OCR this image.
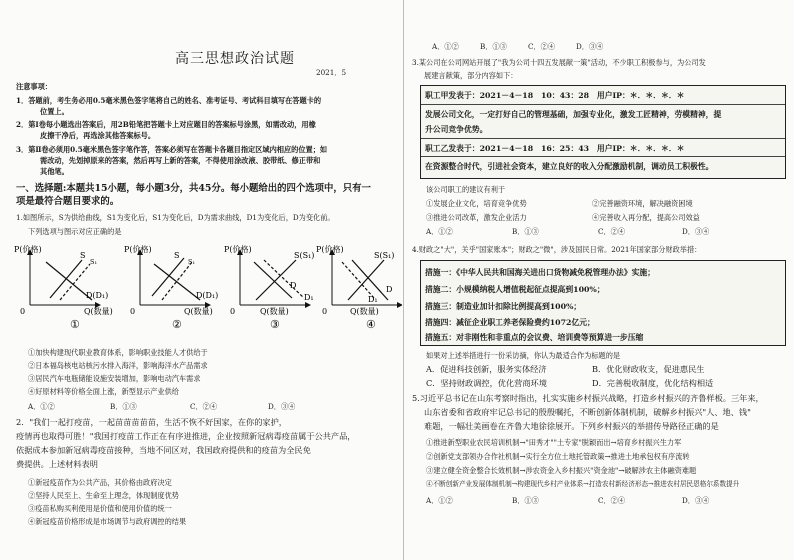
高三思想政治试题
2021．5
注意事项：
1．答题前，考生务必用0.5毫米黑色签字笔将自己的姓名、准考证号、考试科目填写在答题卡的
位置上。
2．第Ⅰ卷每小题选出答案后，用2B铅笔把答题卡上对应题目的答案标号涂黑，如需改动，用橡
皮擦干净后，再选涂其他答案标号。
3．第Ⅱ卷必须用0.5毫米黑色签字笔作答，答案必须写在答题卡各题目指定区域内相应的位置；如
需改动，先划掉原来的答案，然后再写上新的答案，不得使用涂改液、胶带纸、修正带和
其他笔。
一、选择题:本题共15小题，每小题3分，共45分。每小题给出的四个选项中，只有一
项是最符合题目要求的。
1.如图所示，S为供给曲线，S1为变化后，S1为变化后，D为需求曲线，D1为变化后，D为变化前。
下列选项与图示对应正确的是
P(价格)
S
S₁
D(D₁)
0	Q(数量)
①
P(价格)
S
S₁
D(D₁)
0	Q(数量)
②
P(价格)
S(S₁)
D
D₁
0	Q(数量)
③
P(价格)
S(S₁)
D
D₁
0	Q(数量)
④
①加快构建现代职业教育体系，影响职业技能人才供给于
②日本福岛核电站核污水排入海洋，影响海洋水产品需求
③居民汽车电瓶储能设施安装增加，影响电动汽车需求
④好原材料等价格全面上涨，新型显示产业供给
A．①②	B．①③	C．②④	D．③④
2．"我们一起打疫苗，一起苗苗苗苗苗，生活不恢不好国家，在你的家护，
疫情再也取得可胜！"我国打疫苗工作正在有序进推进，企业按照新冠病毒疫苗属于公共产品，
依据成本参加新冠病毒疫苗接种，当地不同区对，我国政府提供和的疫苗为全民免
费提供。上述材料表明
①新冠疫苗作为公共产品，其价格由政府决定
②坚持人民至上、生命至上理念，体现制度优势
③疫苗私购买利使用是价值和使用价值的统一
④新冠疫苗价格形成是市场调节与政府调控的结果
A．①②	B．①③	C．②④	D．③④
3.某公司在公司网站开展了"我为公司十四五发展献一策"活动，不少职工积极参与，为公司发
展建言献策，部分内容如下：
职工甲发表于：2021－4－18　10：43：28　用户IP：＊．＊．＊．＊
发展公司文化，一定打好自己的管理基础，加强专业化，激发工匠精神，劳模精神，提
升公司竞争优势。
职工乙发表于：2021－4－18　16：25：43　用户IP：＊．＊．＊．＊
在资源整合时代，引进社会资本，建立良好的收入分配激励机制，调动员工积极性。
该公司职工的建议有利于
①发展企业文化，培育竞争优势	②完善融资环境，解决融资困境
③推进公司改革，激发企业活力	④完善收入再分配，提高公司效益
A．①②	B．①③	C．②④	D．③④
4.财政之"大"，关乎"国家账本"；财政之"微"，涉及国民日常。2021年国家部分财政举措：
措施一：《中华人民共和国海关进出口货物减免税管理办法》实施；
措施二：小规模纳税人增值税起征点提高到100%；
措施三：制造业加计扣除比例提高到100%；
措施四：减征企业职工养老保险费约1072亿元；
措施五：对非刚性和非重点的会议费、培训费等预算进一步压缩
如果对上述举措进行一份采访摘，你认为最适合作为标题的是
A．促进科技创新，服务实体经济	B．优化财政收支，促进惠民生
C．坚持财政调控，优化营商环境	D．完善税收制度，优化结构相适
5.习近平总书记在山东考察时指出，扎实实施乡村振兴战略，打造乡村振兴的齐鲁样板。三年来，
山东省委和省政府牢记总书记的殷殷嘱托，不断创新体制机制，破解乡村振兴"人、地、钱"
难题，一幅壮美画卷在齐鲁大地徐徐展开。下列乡村振兴的举措传导路径正确的是
①推进新型职业农民培训机制→"田秀才""土专家"脱颖而出→培育乡村振兴生力军
②创新党支部领办合作社机制→实行全方位土地托管政策→推进土地承包权有序流转
③建立健全资金整合长效机制→涉农资金入乡村振兴"资金池"→破解涉农主体融资难题
④不断创新产业发展体制机制→构建现代乡村产业体系→打造农村新经济形态→推进农村居民恩格尔系数提升
A．①②	B．①③	C．②④	D．③④
